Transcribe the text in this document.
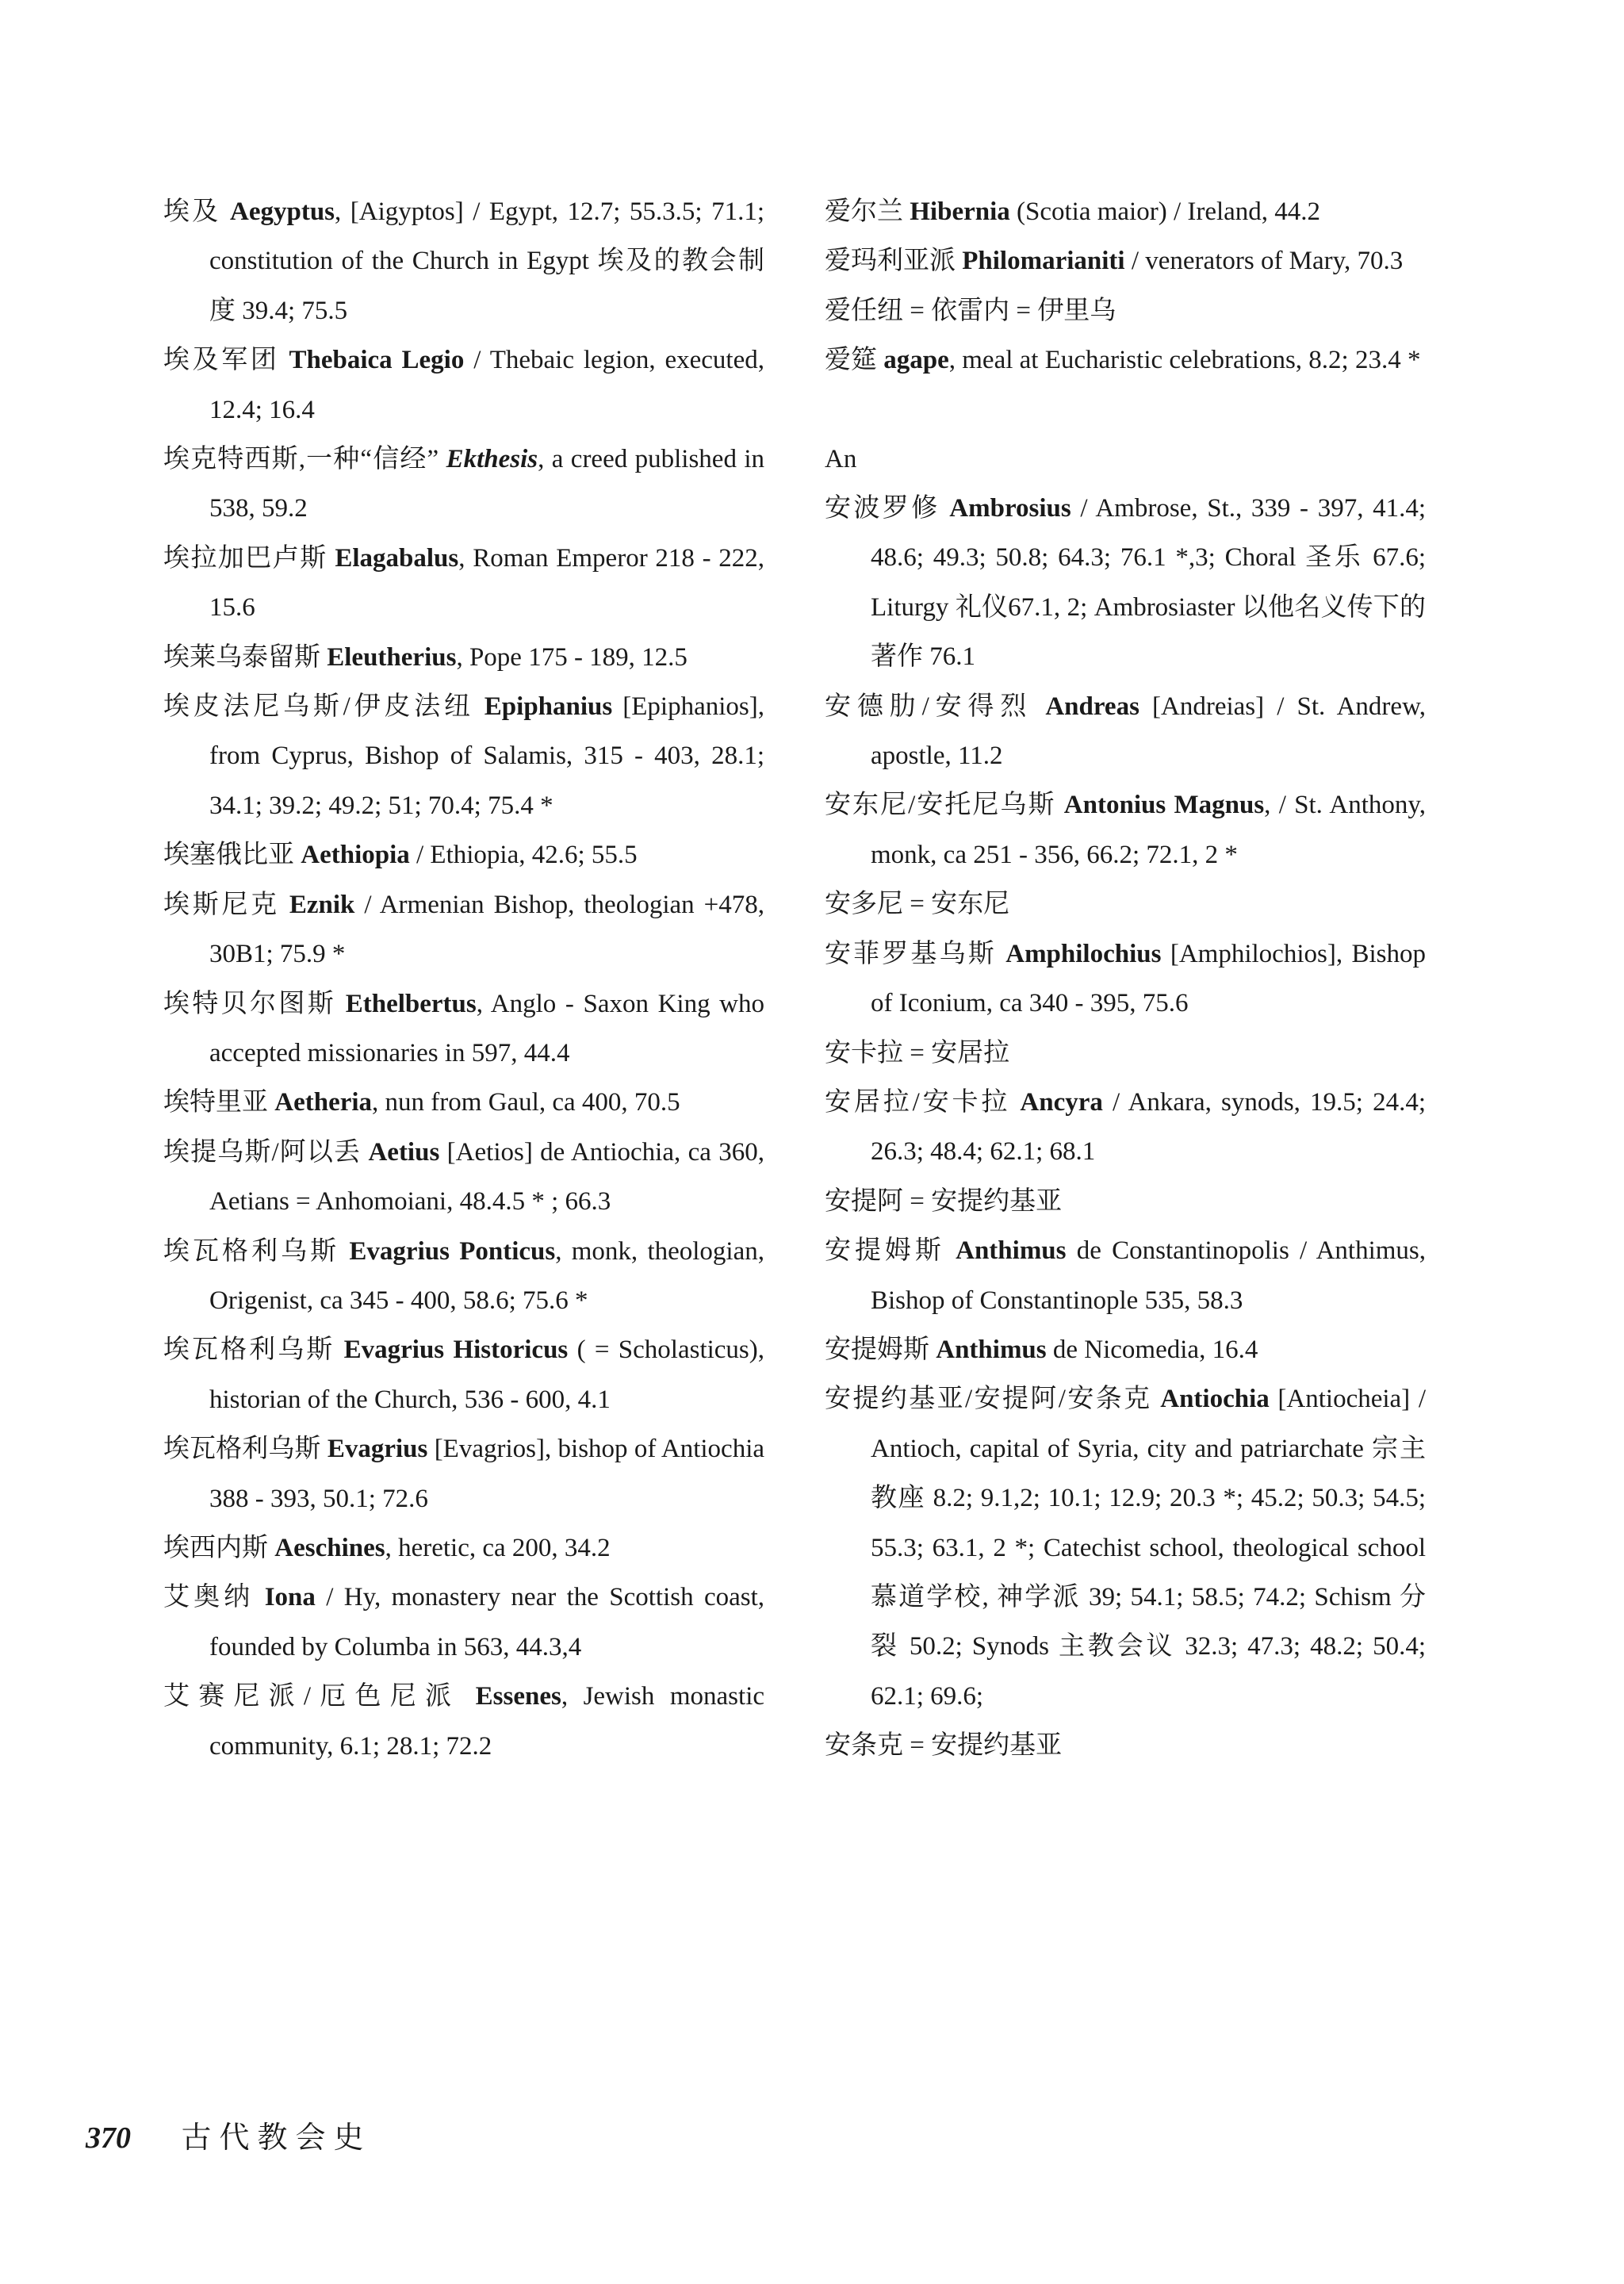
埃及 Aegyptus, [Aigyptos] / Egypt, 12.7; 55.3.5; 71.1; constitution of the Church in Egypt 埃及的教会制度 39.4; 75.5
埃及军团 Thebaica Legio / Thebaic legion, executed, 12.4; 16.4
埃克特西斯,一种“信经” Ekthesis, a creed published in 538, 59.2
埃拉加巴卢斯 Elagabalus, Roman Emperor 218 - 222, 15.6
埃莱乌泰留斯 Eleutherius, Pope 175 - 189, 12.5
埃皮法尼乌斯/伊皮法纽 Epiphanius [Epiphanios], from Cyprus, Bishop of Salamis, 315 - 403, 28.1; 34.1; 39.2; 49.2; 51; 70.4; 75.4 *
埃塞俄比亚 Aethiopia / Ethiopia, 42.6; 55.5
埃斯尼克 Eznik / Armenian Bishop, theologian +478, 30B1; 75.9 *
埃特贝尔图斯 Ethelbertus, Anglo - Saxon King who accepted missionaries in 597, 44.4
埃特里亚 Aetheria, nun from Gaul, ca 400, 70.5
埃提乌斯/阿以丢 Aetius [Aetios] de Antiochia, ca 360, Aetians = Anhomoiani, 48.4.5 * ; 66.3
埃瓦格利乌斯 Evagrius Ponticus, monk, theologian, Origenist, ca 345 - 400, 58.6; 75.6 *
埃瓦格利乌斯 Evagrius Historicus ( = Scholasticus), historian of the Church, 536 - 600, 4.1
埃瓦格利乌斯 Evagrius [Evagrios], bishop of Antiochia 388 - 393, 50.1; 72.6
埃西内斯 Aeschines, heretic, ca 200, 34.2
艾奥纳 Iona / Hy, monastery near the Scottish coast, founded by Columba in 563, 44.3,4
艾赛尼派/厄色尼派 Essenes, Jewish monastic community, 6.1; 28.1; 72.2
爱尔兰 Hibernia (Scotia maior) / Ireland, 44.2
爱玛利亚派 Philomarianiti / venerators of Mary, 70.3
爱任纽 = 依雷内 = 伊里乌
爱筵 agape, meal at Eucharistic celebrations, 8.2; 23.4 *
An
安波罗修 Ambrosius / Ambrose, St., 339 - 397, 41.4; 48.6; 49.3; 50.8; 64.3; 76.1 *,3; Choral 圣乐 67.6; Liturgy 礼仪67.1, 2; Ambrosiaster 以他名义传下的著作 76.1
安德肋/安得烈 Andreas [Andreias] / St. Andrew, apostle, 11.2
安东尼/安托尼乌斯 Antonius Magnus, / St. Anthony, monk, ca 251 - 356, 66.2; 72.1, 2 *
安多尼 = 安东尼
安菲罗基乌斯 Amphilochius [Amphilochios], Bishop of Iconium, ca 340 - 395, 75.6
安卡拉 = 安居拉
安居拉/安卡拉 Ancyra / Ankara, synods, 19.5; 24.4; 26.3; 48.4; 62.1; 68.1
安提阿 = 安提约基亚
安提姆斯 Anthimus de Constantinopolis / Anthimus, Bishop of Constantinople 535, 58.3
安提姆斯 Anthimus de Nicomedia, 16.4
安提约基亚/安提阿/安条克 Antiochia [Antiocheia] / Antioch, capital of Syria, city and patriarchate 宗主教座 8.2; 9.1,2; 10.1; 12.9; 20.3 *; 45.2; 50.3; 54.5; 55.3; 63.1, 2 *; Catechist school, theological school 慕道学校, 神学派 39; 54.1; 58.5; 74.2; Schism 分裂 50.2; Synods 主教会议 32.3; 47.3; 48.2; 50.4; 62.1; 69.6;
安条克 = 安提约基亚
370 古代教会史
